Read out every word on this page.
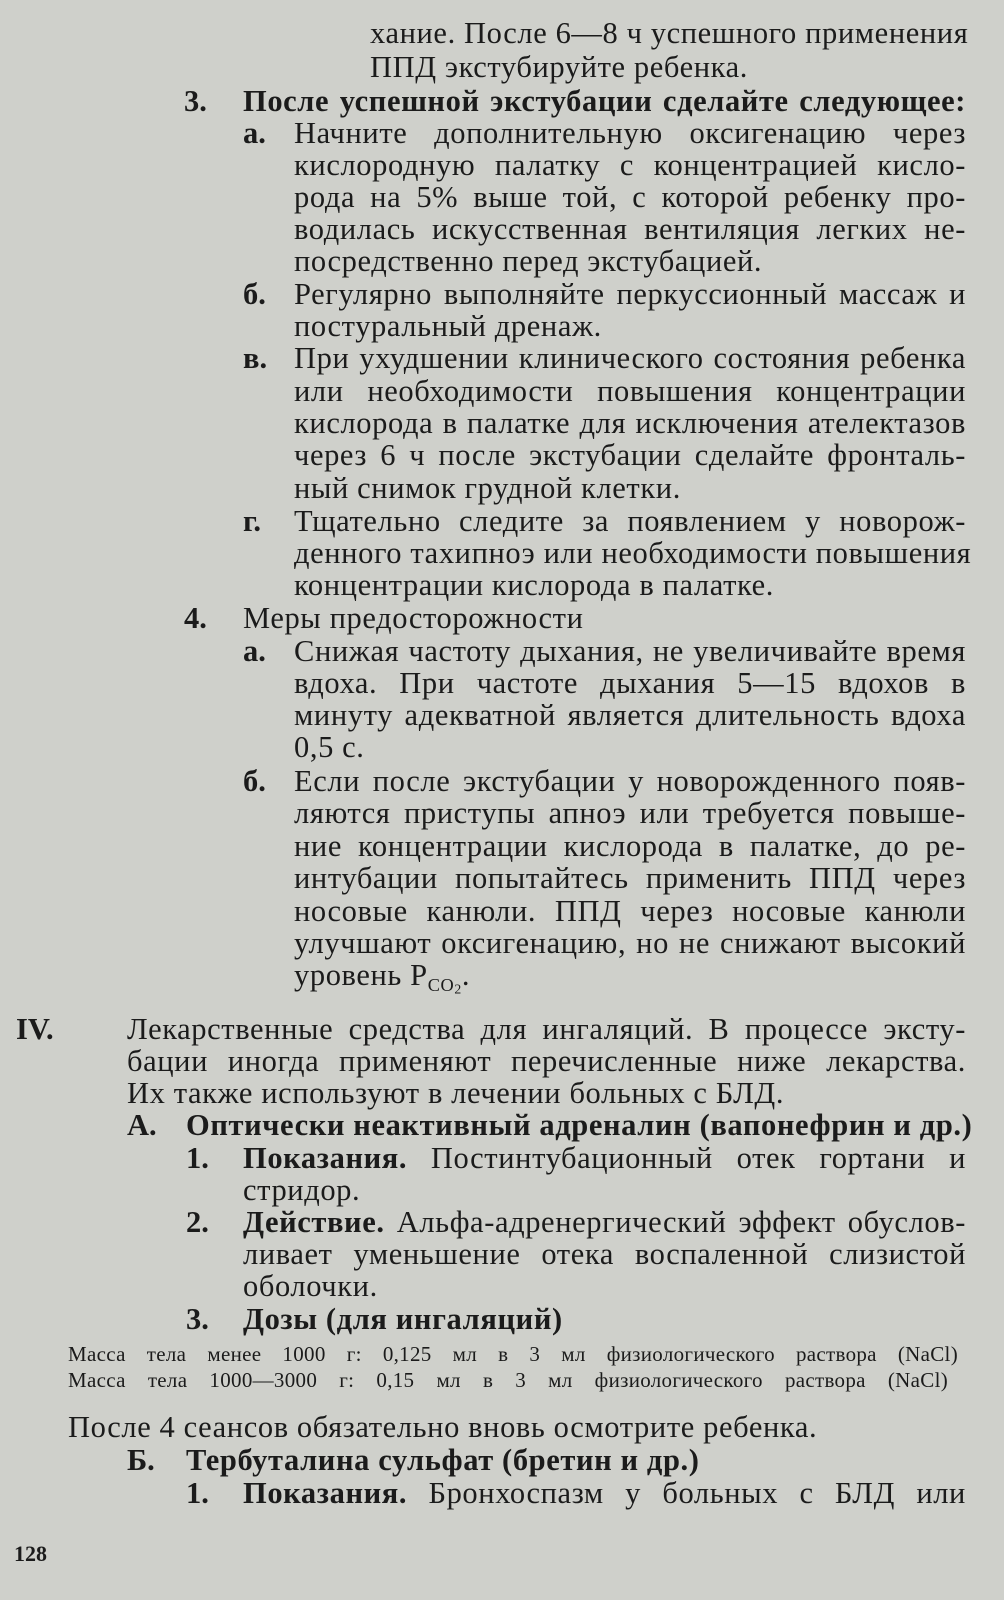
хание. После 6—8 ч успешного применения
ППД экстубируйте ребенка.
3. После успешной экстубации сделайте следующее:
а. Начните дополнительную оксигенацию через
кислородную палатку с концентрацией кисло-
рода на 5% выше той, с которой ребенку про-
водилась искусственная вентиляция легких не-
посредственно перед экстубацией.
б. Регулярно выполняйте перкуссионный массаж и
постуральный дренаж.
в. При ухудшении клинического состояния ребенка
или необходимости повышения концентрации
кислорода в палатке для исключения ателектазов
через 6 ч после экстубации сделайте фронталь-
ный снимок грудной клетки.
г. Тщательно следите за появлением у новорож-
денного тахипноэ или необходимости повышения
концентрации кислорода в палатке.
4. Меры предосторожности
а. Снижая частоту дыхания, не увеличивайте время
вдоха. При частоте дыхания 5—15 вдохов в
минуту адекватной является длительность вдоха
0,5 с.
б. Если после экстубации у новорожденного появ-
ляются приступы апноэ или требуется повыше-
ние концентрации кислорода в палатке, до ре-
интубации попытайтесь применить ППД через
носовые канюли. ППД через носовые канюли
улучшают оксигенацию, но не снижают высокий
уровень $P_{CO_2}$.
IV. Лекарственные средства для ингаляций. В процессе эксту-
бации иногда применяют перечисленные ниже лекарства.
Их также используют в лечении больных с БЛД.
А. Оптически неактивный адреналин (вапонефрин и др.)
1. Показания. Постинтубационный отек гортани и
стридор.
2. Действие. Альфа-адренергический эффект обуслов-
ливает уменьшение отека воспаленной слизистой
оболочки.
3. Дозы (для ингаляций)
Масса тела менее 1000 г: 0,125 мл в 3 мл физиологического раствора (NaCl)
Масса тела 1000—3000 г: 0,15 мл в 3 мл физиологического раствора (NaCl)
После 4 сеансов обязательно вновь осмотрите ребенка.
Б. Тербуталина сульфат (бретин и др.)
1. Показания. Бронхоспазм у больных с БЛД или
128
